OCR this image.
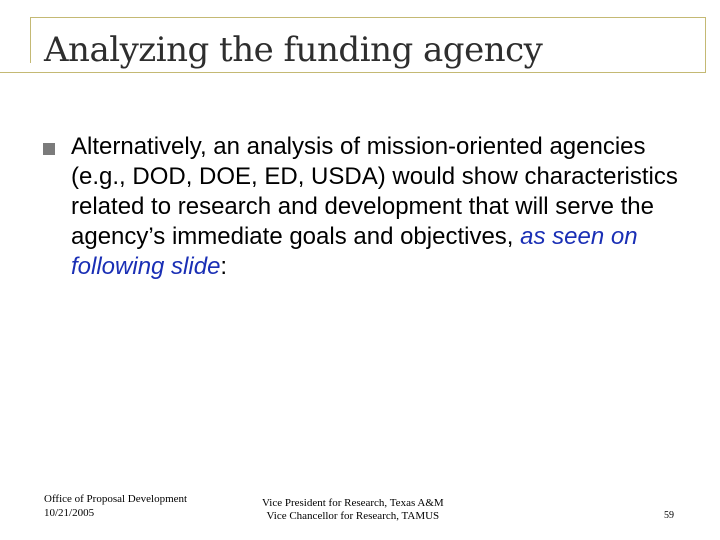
Analyzing the funding agency

Alternatively, an analysis of mission-oriented agencies (e.g., DOD, DOE, ED, USDA) would show characteristics related to research and development that will serve the agency’s immediate goals and objectives, as seen on following slide:

Office of Proposal Development
10/21/2005
Vice President for Research, Texas A&M
Vice Chancellor for Research, TAMUS	59
